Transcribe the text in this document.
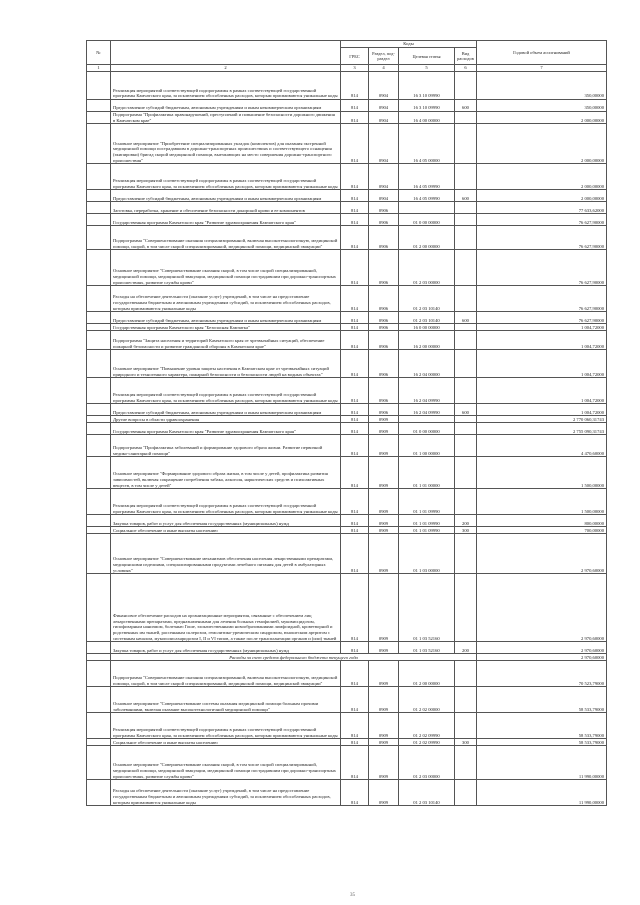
№		Коды				Годовой объем ассигнований
		ГРБС	Раздел, под-раздел	Целевая статья	Вид расходов	
1	2	3	4	5	6	7
	Реализация мероприятий соответствующей подпрограммы в рамках соответствующей государственной программы Камчатского края, за исключением обособленных расходов, которым присваиваются уникальные коды	814	0904	16 3 10 09990		350,00000
	Предоставление субсидий бюджетным, автономным учреждениям и иным некоммерческим организациям	814	0904	16 3 10 09990	600	350,00000
	Подпрограмма "Профилактика правонарушений, преступлений и повышение безопасности дорожного движения в Камчатском крае"	814	0904	16 4 00 00000		2 000,00000
	Основное мероприятие "Приобретение специализированных укладок (комплектов) для оказания экстренной медицинской помощи пострадавшим в дорожно-транспортных происшествиях и соответствующего оснащения (экипировки) бригад скорой медицинской помощи, выезжающих на место совершения дорожно-транспортного происшествия"	814	0904	16 4 05 00000		2 000,00000
	Реализация мероприятий соответствующей подпрограммы в рамках соответствующей государственной программы Камчатского края, за исключением обособленных расходов, которым присваиваются уникальные коды	814	0904	16 4 05 09990		2 000,00000
	Предоставление субсидий бюджетным, автономным учреждениям и иным некоммерческим организациям	814	0904	16 4 05 09990	600	2 000,00000
	Заготовка, переработка, хранение и обеспечение безопасности донорской крови и ее компонентов	814	0906			77 633,62000
	Государственная программа Камчатского края "Развитие здравоохранения Камчатского края"	814	0906	01 0 00 00000		76 627,90000
	Подпрограмма "Совершенствование оказания специализированной, включая высокотехнологичную, медицинской помощи, скорой, в том числе скорой специализированной, медицинской помощи, медицинской эвакуации"	814	0906	01 2 00 00000		76 627,90000
	Основное мероприятие "Совершенствование оказания скорой, в том числе скорой специализированной, медицинской помощи, медицинской эвакуации, медицинской помощи пострадавшим при дорожно-транспортных происшествиях, развитие службы крови"	814	0906	01 2 03 00000		76 627,90000
	Расходы на обеспечение деятельности (оказание услуг) учреждений, в том числе на предоставление государственным бюджетным и автономным учреждениям субсидий, за исключением обособленных расходов, которым присваиваются уникальные коды	814	0906	01 2 03 10140		76 627,90000
	Предоставление субсидий бюджетным, автономным учреждениям и иным некоммерческим организациям	814	0906	01 2 03 10140	600	76 627,90000
	Государственная программа Камчатского края "Безопасная Камчатка"	814	0906	16 0 00 00000		1 004,72000
	Подпрограмма "Защита населения и территорий Камчатского края от чрезвычайных ситуаций, обеспечение пожарной безопасности и развитие гражданской обороны в Камчатском крае"	814	0906	16 2 00 00000		1 004,72000
	Основное мероприятие "Повышение уровня защиты населения в Камчатском крае от чрезвычайных ситуаций природного и техногенного характера, пожарной безопасности и безопасности людей на водных объектах"	814	0906	16 2 04 00000		1 004,72000
	Реализация мероприятий соответствующей подпрограммы в рамках соответствующей государственной программы Камчатского края, за исключением обособленных расходов, которым присваиваются уникальные коды	814	0906	16 2 04 09990		1 004,72000
	Предоставление субсидий бюджетным, автономным учреждениям и иным некоммерческим организациям	814	0906	16 2 04 09990	600	1 004,72000
	Другие вопросы в области здравоохранения	814	0909			2 770 060,31743
	Государственная программа Камчатского края "Развитие здравоохранения Камчатского края"	814	0909	01 0 00 00000		2 755 090,31743
	Подпрограмма "Профилактика заболеваний и формирование здорового образа жизни. Развитие первичной медико-санитарной помощи"	814	0909	01 1 00 00000		4 470,60000
	Основное мероприятие "Формирование здорового образа жизни, в том числе у детей, профилактика развития зависимостей, включая сокращение потребления табака, алкоголя, наркотических средств и психоактивных веществ, в том числе у детей"	814	0909	01 1 01 00000		1 500,00000
	Реализация мероприятий соответствующей подпрограммы в рамках соответствующей государственной программы Камчатского края, за исключением обособленных расходов, которым присваиваются уникальные коды	814	0909	01 1 01 09990		1 500,00000
	Закупка товаров, работ и услуг для обеспечения государственных (муниципальных) нужд	814	0909	01 1 01 09990	200	800,00000
	Социальное обеспечение и иные выплаты населению	814	0909	01 1 01 09990	300	700,00000
	Основное мероприятие "Совершенствование механизмов обеспечения населения лекарственными препаратами, медицинскими изделиями, специализированными продуктами лечебного питания для детей в амбулаторных условиях"	814	0909	01 1 03 00000		2 970,60000
	Финансовое обеспечение расходов на организационные мероприятия, связанные с обеспечением лиц лекарственными препаратами, предназначенными для лечения больных гемофилией, муковисцидозом, гипофизарным нанизмом, болезнью Гоше, злокачественными новообразованиями лимфоидной, кроветворной и родственных им тканей, рассеянным склерозом, гемолитико-уремическим синдромом, юношеским артритом с системным началом, мукополисахаридозом I, II и VI типов, а также после трансплантации органов и (или) тканей	814	0909	01 1 03 52160		2 970,60000
	Закупка товаров, работ и услуг для обеспечения государственных (муниципальных) нужд	814	0909	01 1 03 52160	200	2 970,60000
	Расходы за счет средств федерального бюджета текущего года					2 970,60000
	Подпрограмма "Совершенствование оказания специализированной, включая высокотехнологичную, медицинской помощи, скорой, в том числе скорой специализированной, медицинской помощи, медицинской эвакуации"	814	0909	01 2 00 00000		70 523,79000
	Основное мероприятие "Совершенствование системы оказания медицинской помощи больным прочими заболеваниями, включая оказание высокотехнологичной медицинской помощи"	814	0909	01 2 02 00000		58 533,79000
	Реализация мероприятий соответствующей подпрограммы в рамках соответствующей государственной программы Камчатского края, за исключением обособленных расходов, которым присваиваются уникальные коды	814	0909	01 2 02 09990		58 533,79000
	Социальное обеспечение и иные выплаты населению	814	0909	01 2 02 09990	300	58 533,79000
	Основное мероприятие "Совершенствование оказания скорой, в том числе скорой специализированной, медицинской помощи, медицинской эвакуации, медицинской помощи пострадавшим при дорожно-транспортных происшествиях, развитие службы крови"	814	0909	01 2 03 00000		11 990,00000
	Расходы на обеспечение деятельности (оказание услуг) учреждений, в том числе на предоставление государственным бюджетным и автономным учреждениям субсидий, за исключением обособленных расходов, которым присваиваются уникальные коды	814	0909	01 2 03 10140		11 990,00000
35
